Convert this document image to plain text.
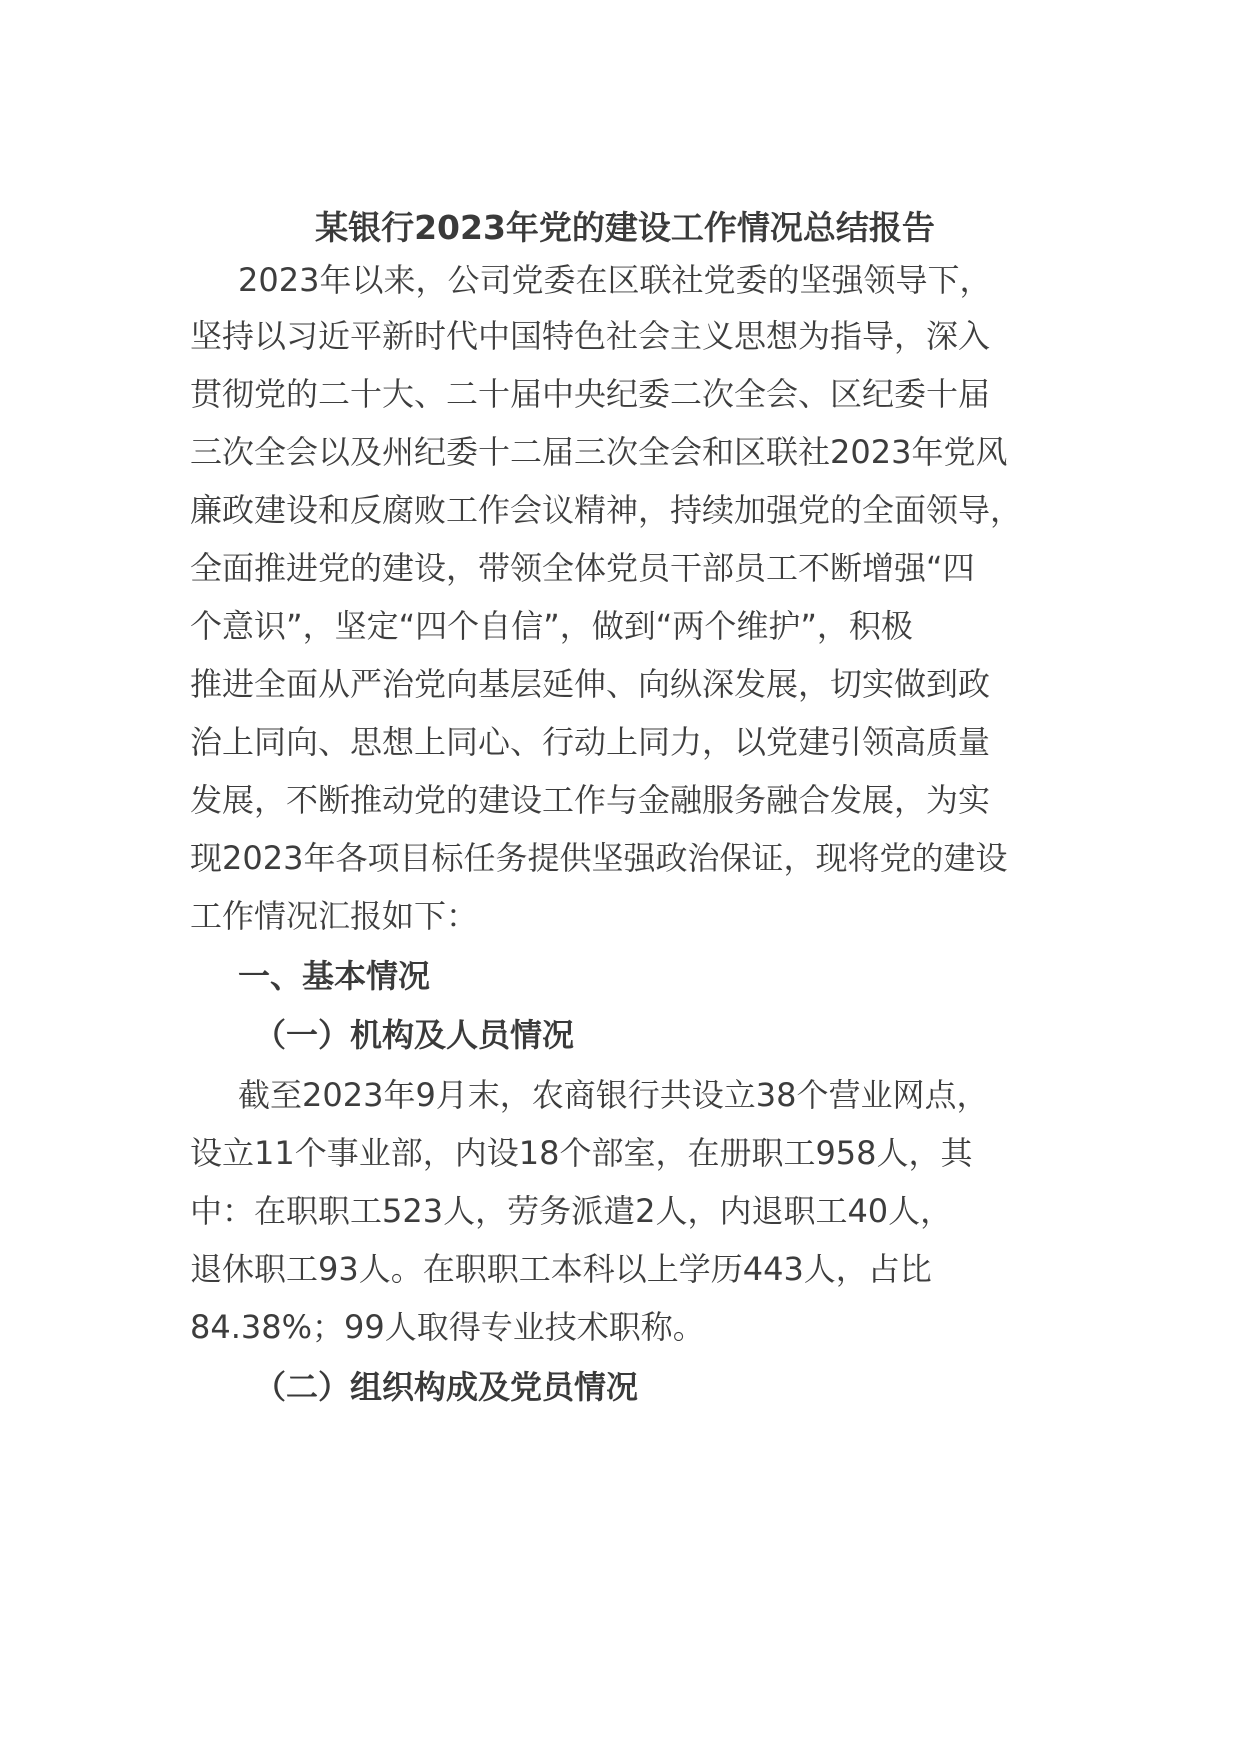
某银行2023年党的建设工作情况总结报告

2023年以来，公司党委在区联社党委的坚强领导下，

坚持以习近平新时代中国特色社会主义思想为指导，深入

贯彻党的二十大、二十届中央纪委二次全会、区纪委十届

三次全会以及州纪委十二届三次全会和区联社2023年党风

廉政建设和反腐败工作会议精神，持续加强党的全面领导，

全面推进党的建设，带领全体党员干部员工不断增强“四

个意识”，坚定“四个自信”，做到“两个维护”，积极

推进全面从严治党向基层延伸、向纵深发展，切实做到政

治上同向、思想上同心、行动上同力，以党建引领高质量

发展，不断推动党的建设工作与金融服务融合发展，为实

现2023年各项目标任务提供坚强政治保证，现将党的建设

工作情况汇报如下：

一、基本情况
（一）机构及人员情况

截至2023年9月末，农商银行共设立38个营业网点，

设立11个事业部，内设18个部室，在册职工958人，其

中：在职职工523人，劳务派遣2人，内退职工40人，

退休职工93人。在职职工本科以上学历443人，占比

84.38%；99人取得专业技术职称。

（二）组织构成及党员情况
